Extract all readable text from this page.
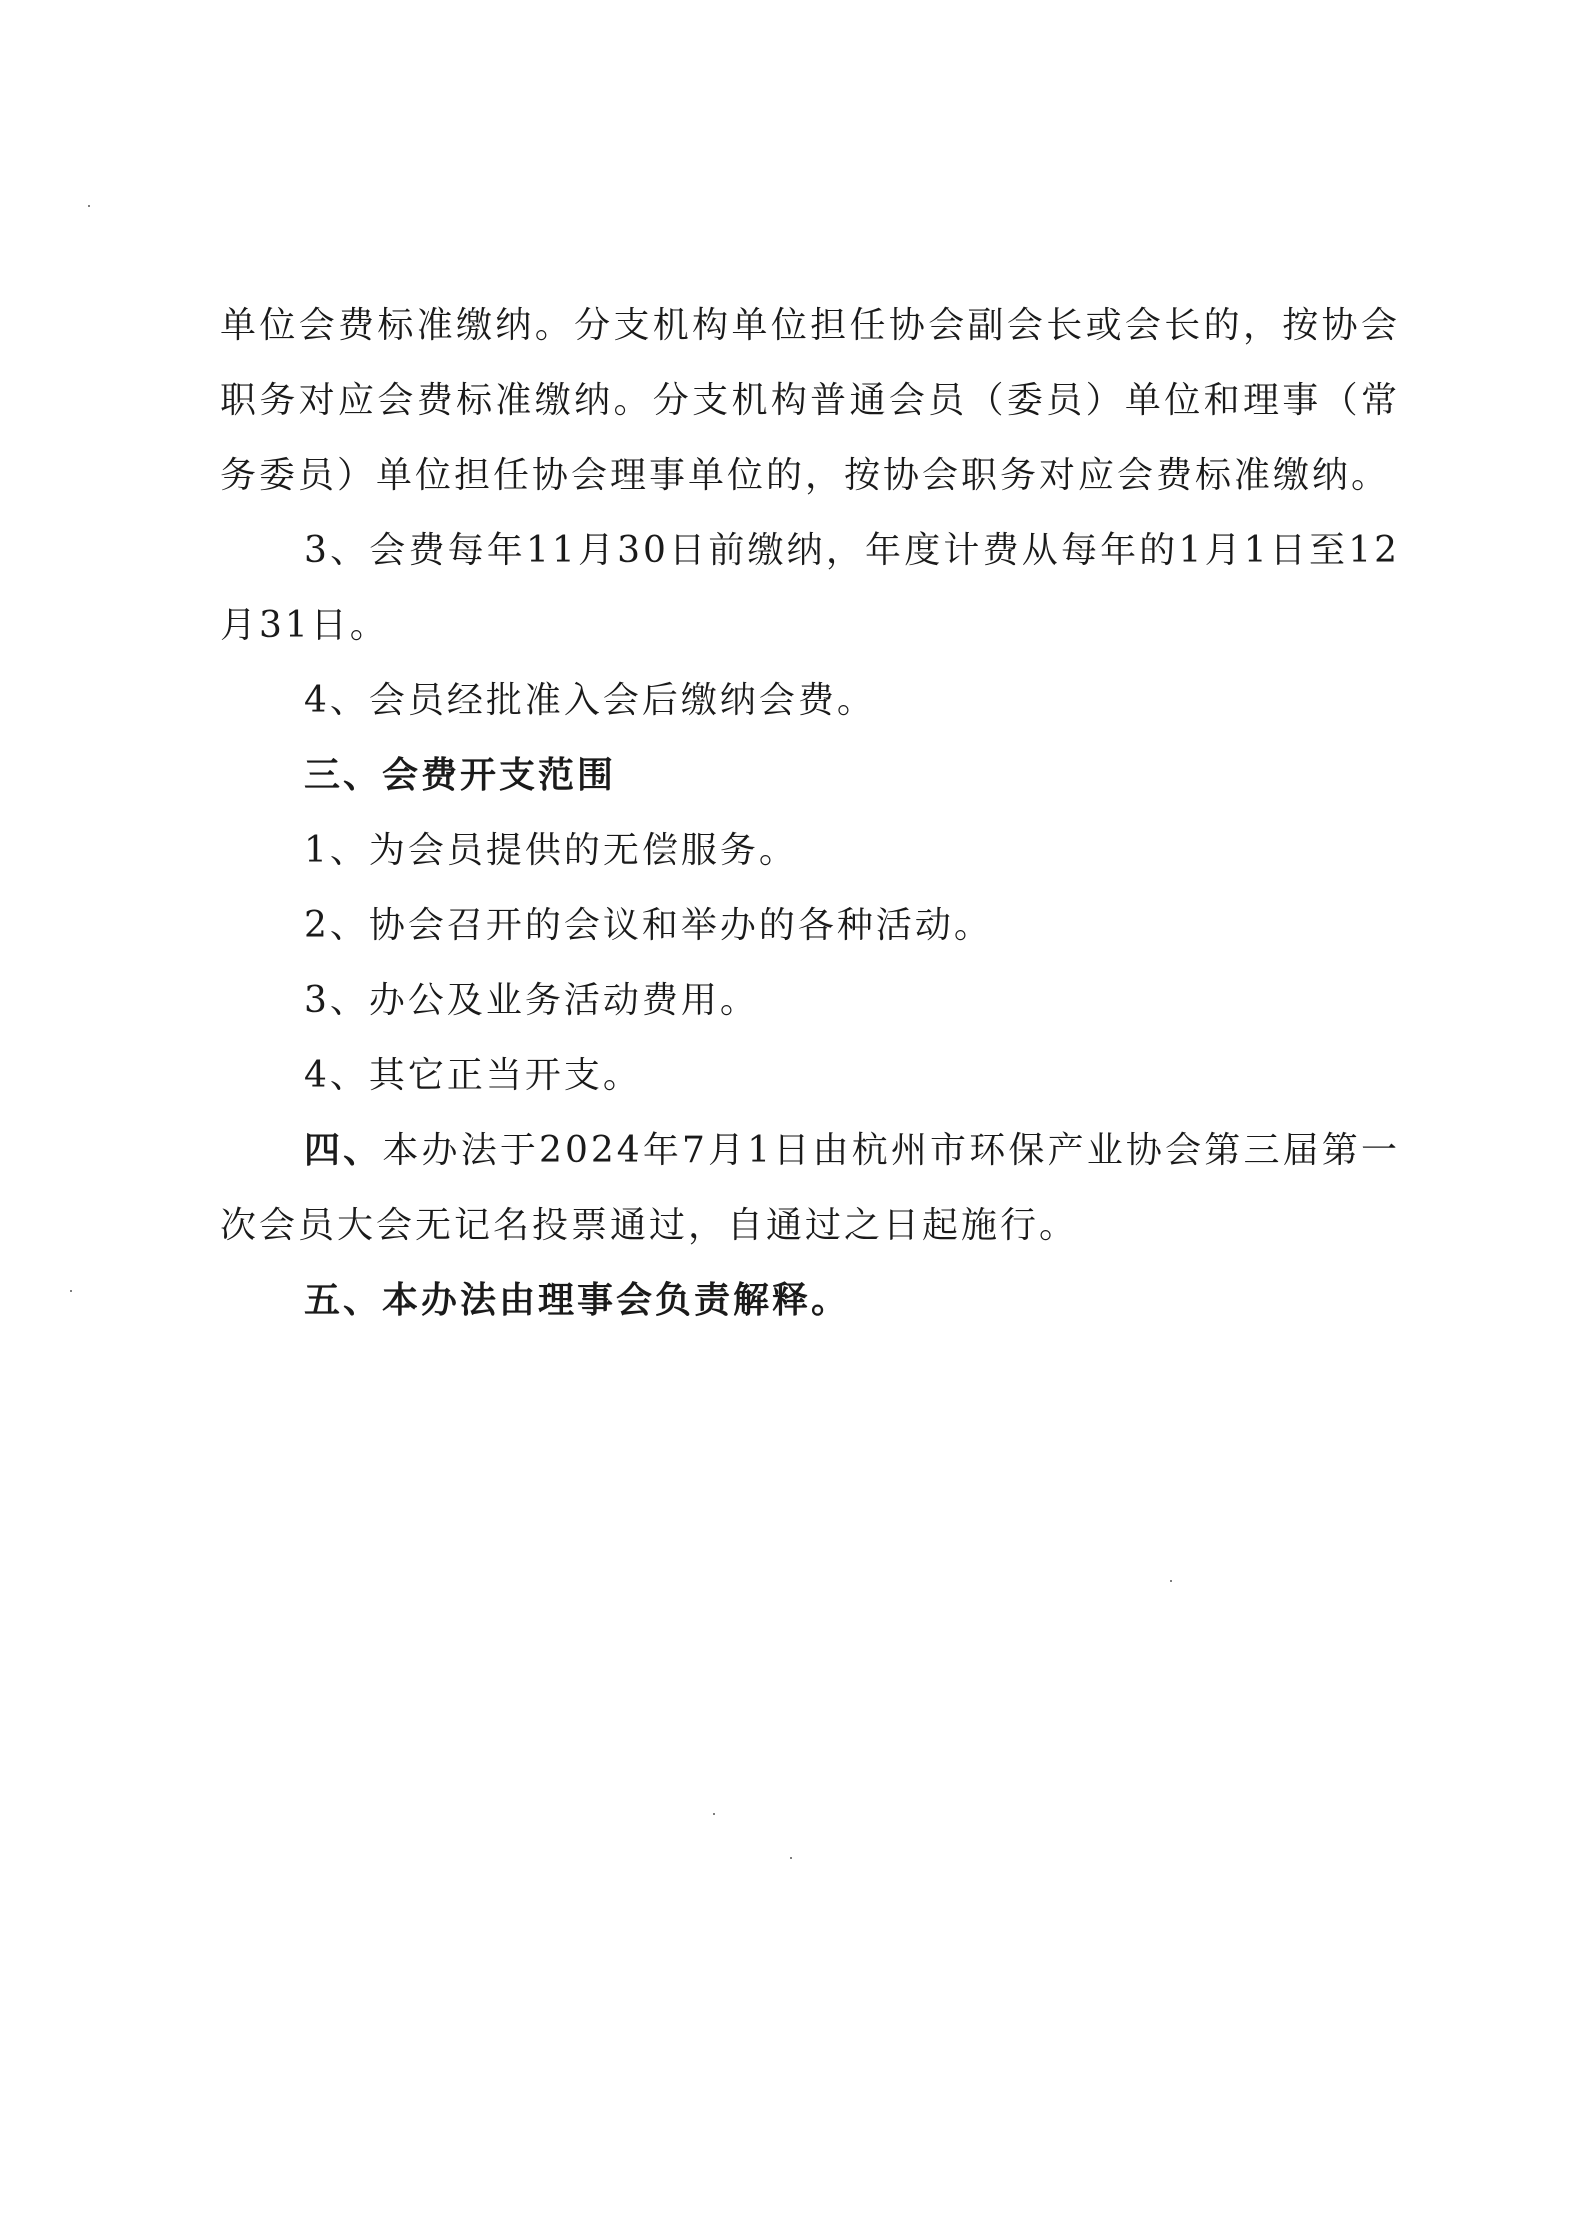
单位会费标准缴纳。分支机构单位担任协会副会长或会长的，按协会职务对应会费标准缴纳。分支机构普通会员（委员）单位和理事（常务委员）单位担任协会理事单位的，按协会职务对应会费标准缴纳。

3、会费每年11月30日前缴纳，年度计费从每年的1月1日至12月31日。

4、会员经批准入会后缴纳会费。

三、会费开支范围

1、为会员提供的无偿服务。

2、协会召开的会议和举办的各种活动。

3、办公及业务活动费用。

4、其它正当开支。

四、本办法于2024年7月1日由杭州市环保产业协会第三届第一次会员大会无记名投票通过，自通过之日起施行。

五、本办法由理事会负责解释。
